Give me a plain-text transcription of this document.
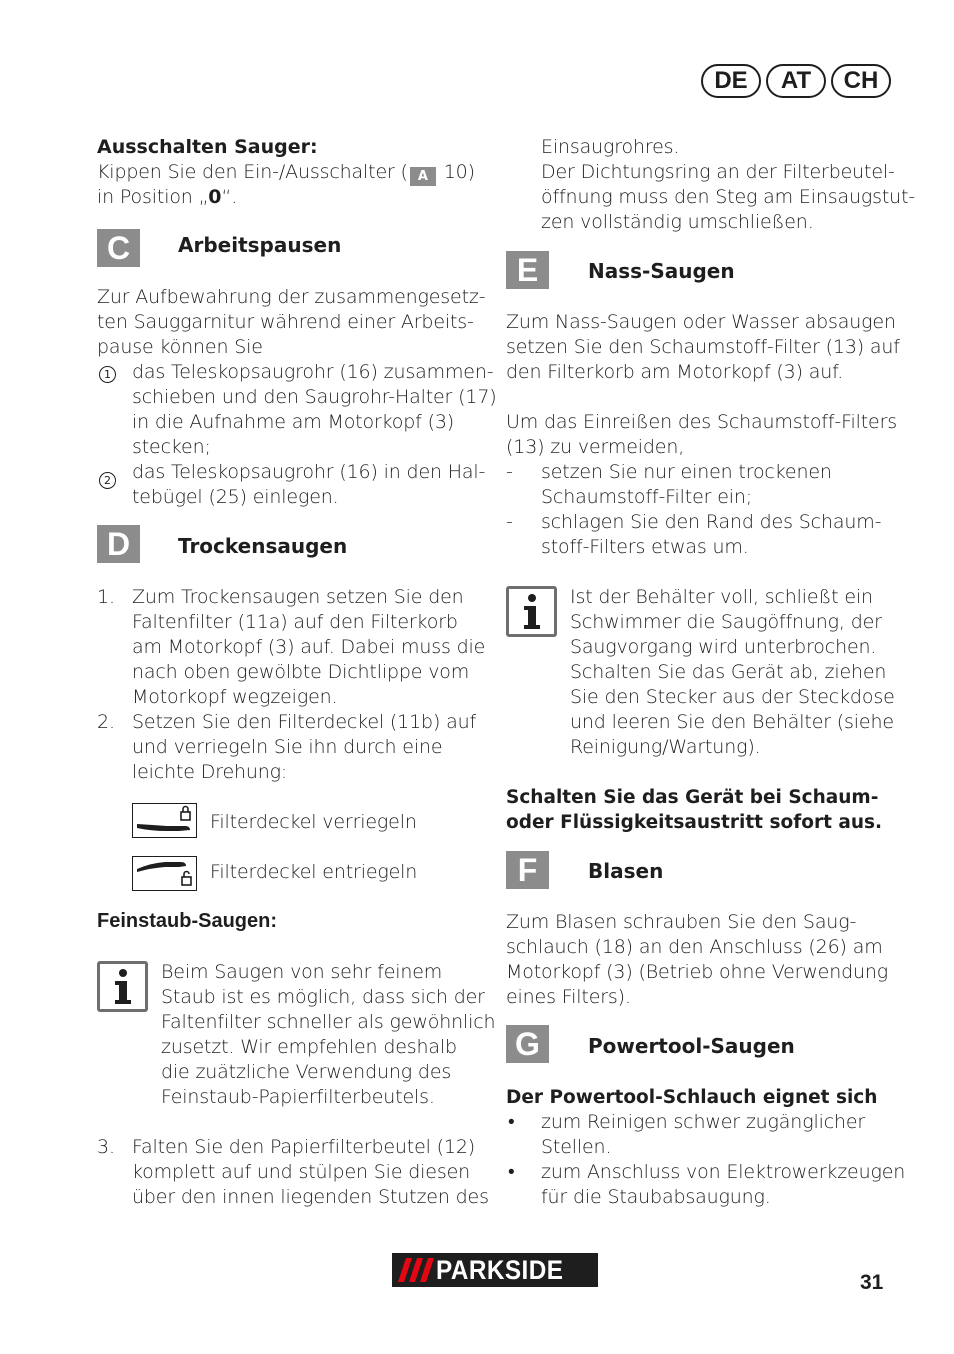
DE	AT	CH
Ausschalten Sauger:
Kippen Sie den Ein-/Ausschalter ( A 10)
in Position „0“.
C	Arbeitspausen
Zur Aufbewahrung der zusammengesetz-
ten Sauggarnitur während einer Arbeits-
pause können Sie
1 das Teleskopsaugrohr (16) zusammen-
schieben und den Saugrohr-Halter (17)
in die Aufnahme am Motorkopf (3)
stecken;
2 das Teleskopsaugrohr (16) in den Hal-
tebügel (25) einlegen.
D	Trockensaugen
1. Zum Trockensaugen setzen Sie den
Faltenfilter (11a) auf den Filterkorb
am Motorkopf (3) auf. Dabei muss die
nach oben gewölbte Dichtlippe vom
Motorkopf wegzeigen.
2. Setzen Sie den Filterdeckel (11b) auf
und verriegeln Sie ihn durch eine
leichte Drehung:
Filterdeckel verriegeln
Filterdeckel entriegeln
Feinstaub-Saugen:
Beim Saugen von sehr feinem
Staub ist es möglich, dass sich der
Faltenfilter schneller als gewöhnlich
zusetzt. Wir empfehlen deshalb
die zuätzliche Verwendung des
Feinstaub-Papierfilterbeutels.
3. Falten Sie den Papierfilterbeutel (12)
komplett auf und stülpen Sie diesen
über den innen liegenden Stutzen des
Einsaugrohres.
Der Dichtungsring an der Filterbeutel-
öffnung muss den Steg am Einsaugstut-
zen vollständig umschließen.
E	Nass-Saugen
Zum Nass-Saugen oder Wasser absaugen
setzen Sie den Schaumstoff-Filter (13) auf
den Filterkorb am Motorkopf (3) auf.
Um das Einreißen des Schaumstoff-Filters
(13) zu vermeiden,
- setzen Sie nur einen trockenen
Schaumstoff-Filter ein;
- schlagen Sie den Rand des Schaum-
stoff-Filters etwas um.
Ist der Behälter voll, schließt ein
Schwimmer die Saugöffnung, der
Saugvorgang wird unterbrochen.
Schalten Sie das Gerät ab, ziehen
Sie den Stecker aus der Steckdose
und leeren Sie den Behälter (siehe
Reinigung/Wartung).
Schalten Sie das Gerät bei Schaum-
oder Flüssigkeitsaustritt sofort aus.
F	Blasen
Zum Blasen schrauben Sie den Saug-
schlauch (18) an den Anschluss (26) am
Motorkopf (3) (Betrieb ohne Verwendung
eines Filters).
G	Powertool-Saugen
Der Powertool-Schlauch eignet sich
• zum Reinigen schwer zugänglicher
Stellen.
• zum Anschluss von Elektrowerkzeugen
für die Staubabsaugung.
PARKSIDE	31
